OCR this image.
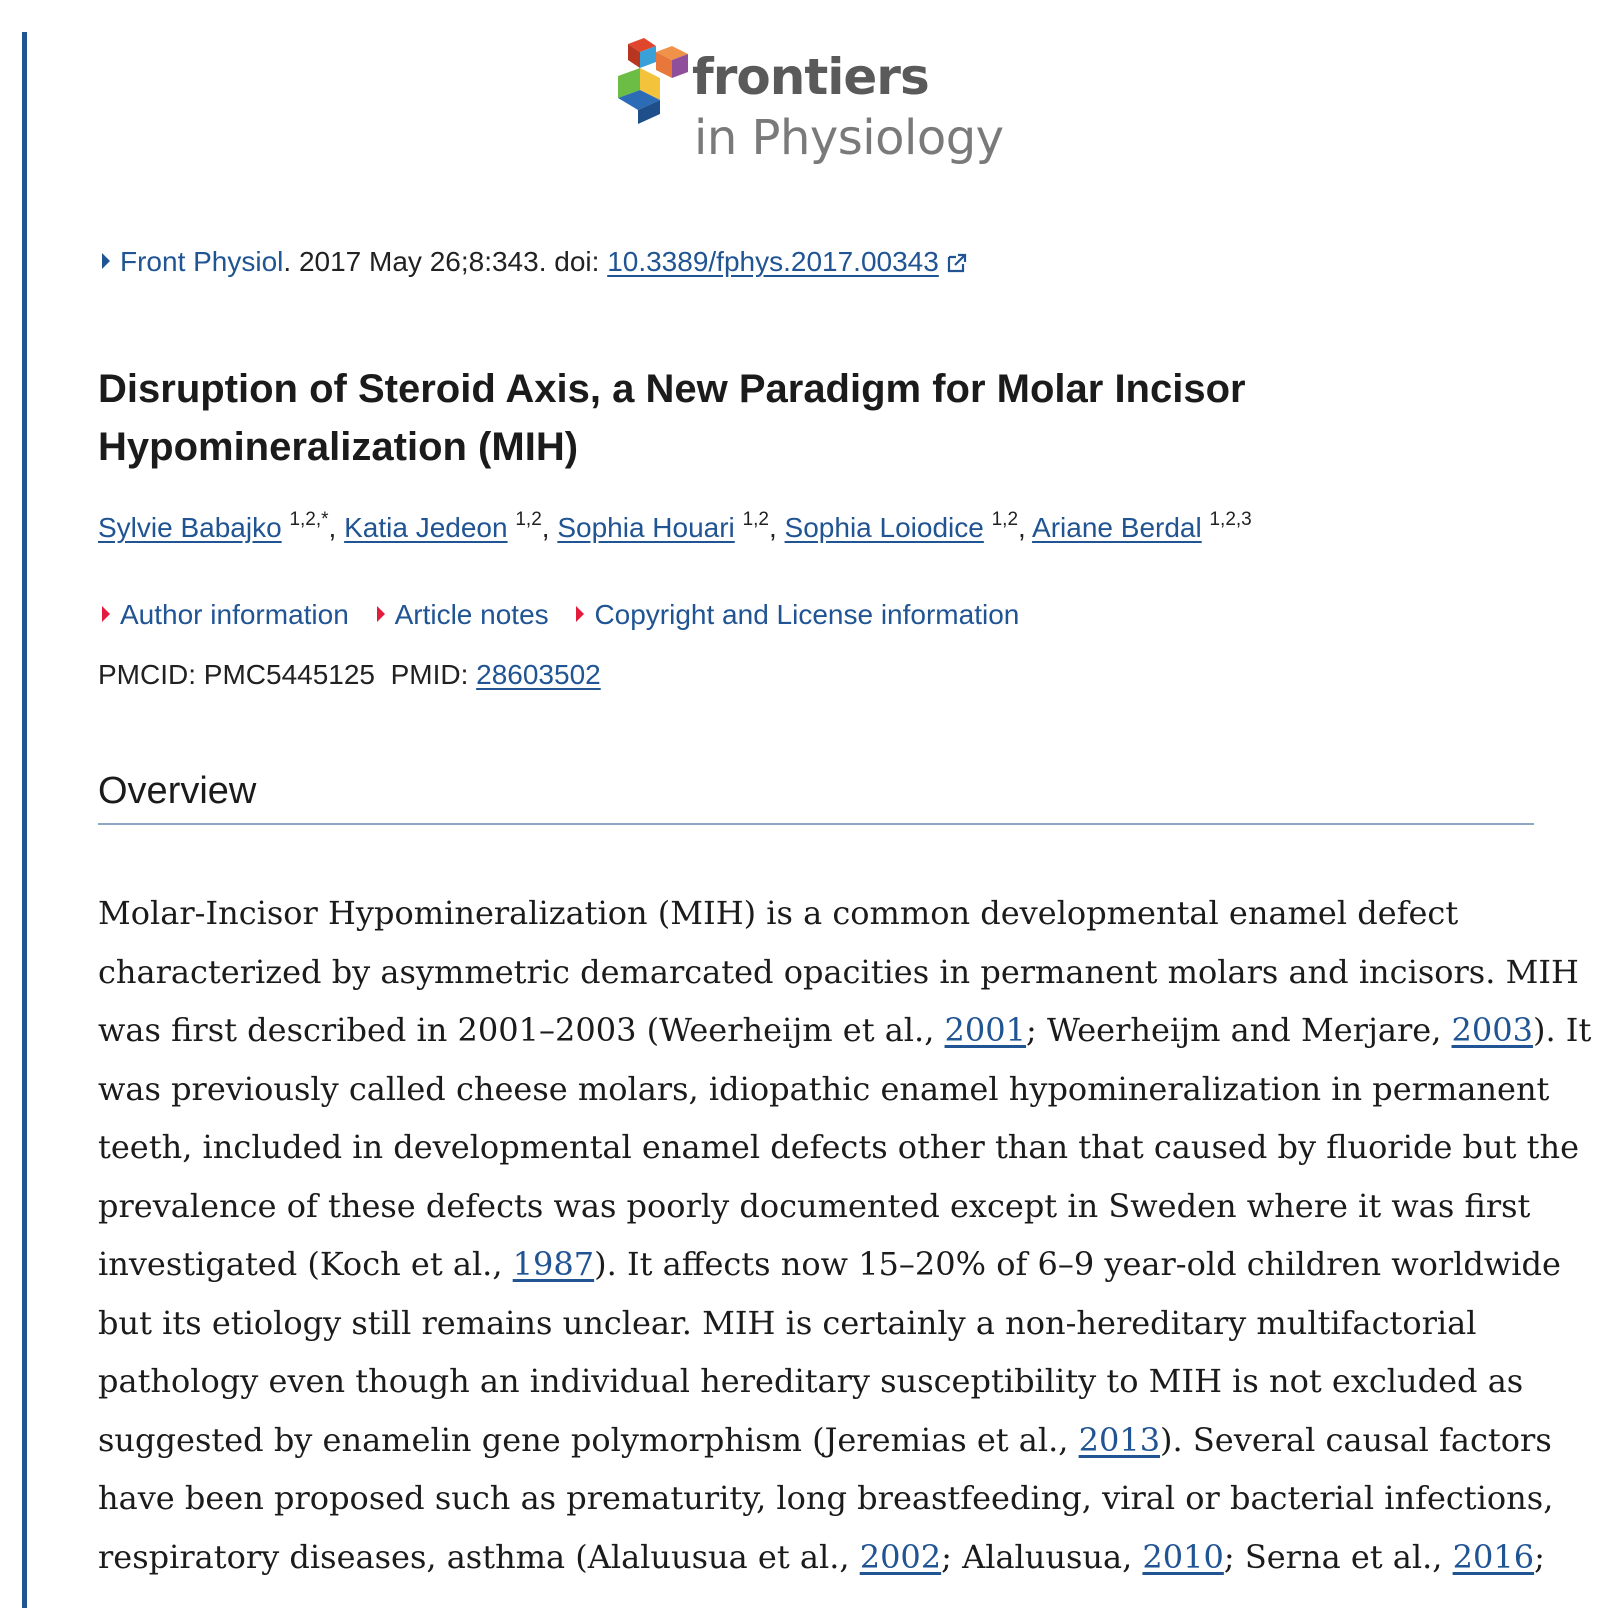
frontiers
in Physiology
Front Physiol. 2017 May 26;8:343. doi: 10.3389/fphys.2017.00343
Disruption of Steroid Axis, a New Paradigm for Molar Incisor Hypomineralization (MIH)
Sylvie Babajko $^{1,2,*}$, Katia Jedeon $^{1,2}$, Sophia Houari $^{1,2}$, Sophia Loiodice $^{1,2}$, Ariane Berdal $^{1,2,3}$
Author information Article notes Copyright and License information
PMCID: PMC5445125 PMID: 28603502
Overview
Molar-Incisor Hypomineralization (MIH) is a common developmental enamel defect
characterized by asymmetric demarcated opacities in permanent molars and incisors. MIH
was first described in 2001–2003 (Weerheijm et al., 2001; Weerheijm and Merjare, 2003). It
was previously called cheese molars, idiopathic enamel hypomineralization in permanent
teeth, included in developmental enamel defects other than that caused by fluoride but the
prevalence of these defects was poorly documented except in Sweden where it was first
investigated (Koch et al., 1987). It affects now 15–20% of 6–9 year-old children worldwide
but its etiology still remains unclear. MIH is certainly a non-hereditary multifactorial
pathology even though an individual hereditary susceptibility to MIH is not excluded as
suggested by enamelin gene polymorphism (Jeremias et al., 2013). Several causal factors
have been proposed such as prematurity, long breastfeeding, viral or bacterial infections,
respiratory diseases, asthma (Alaluusua et al., 2002; Alaluusua, 2010; Serna et al., 2016;
